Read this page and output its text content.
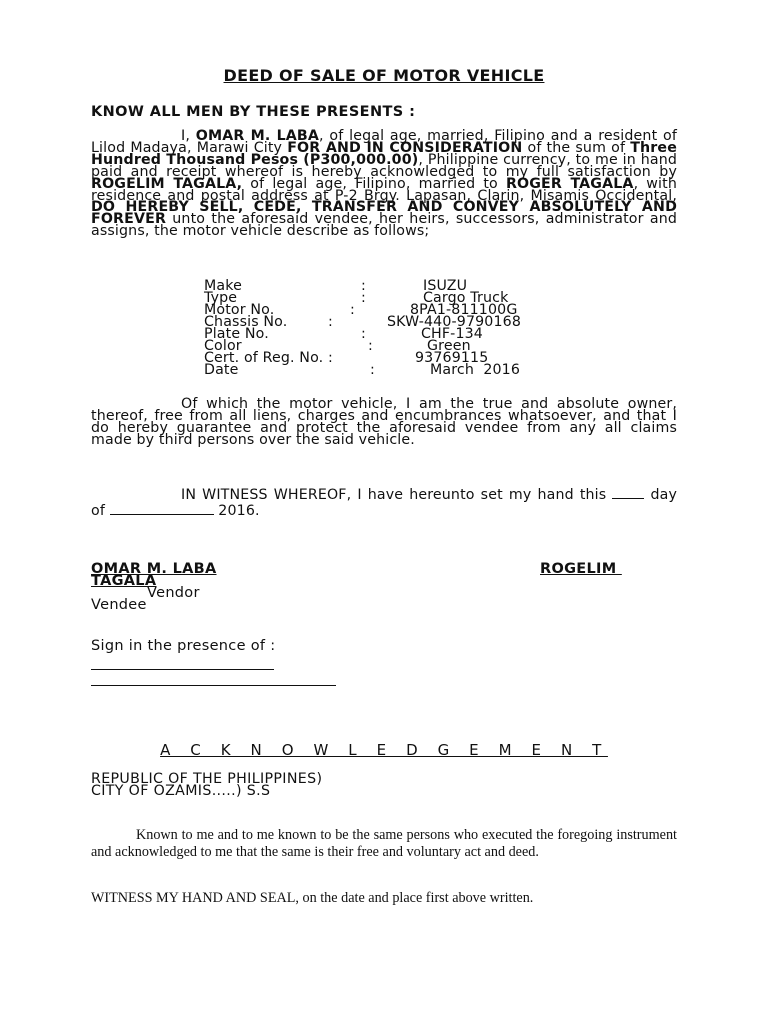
DEED OF SALE OF MOTOR VEHICLE
KNOW ALL MEN BY THESE PRESENTS :
I, OMAR M. LABA, of legal age, married, Filipino and a resident of Lilod Madaya, Marawi City FOR AND IN CONSIDERATION of the sum of Three Hundred Thousand Pesos (P300,000.00), Philippine currency, to me in hand paid and receipt whereof is hereby acknowledged to my full satisfaction by ROGELIM TAGALA, of legal age, Filipino, married to ROGER TAGALA, with residence and postal address at P-2 Brgy. Lapasan, Clarin, Misamis Occidental, DO HEREBY SELL, CEDE, TRANSFER AND CONVEY ABSOLUTELY AND FOREVER unto the aforesaid vendee, her heirs, successors, administrator and assigns, the motor vehicle describe as follows;
Make	:	ISUZU
Type	:	Cargo Truck
Motor No.	:	8PA1-811100G
Chassis No.	:	SKW-440-9790168
Plate No.	:	CHF-134
Color	:	Green
Cert. of Reg. No. :	93769115
Date	:	March  2016
Of which the motor vehicle, I am the true and absolute owner, thereof, free from all liens, charges and encumbrances whatsoever, and that I do hereby guarantee and protect the aforesaid vendee from any all claims made by third persons over the said vehicle.
IN WITNESS WHEREOF, I have hereunto set my hand this  day of	2016.
OMAR M. LABA	ROGELIM
TAGALA
Vendor
Vendee
Sign in the presence of :
A C K N O W L E D G E M E N T
REPUBLIC OF THE PHILIPPINES)
CITY OF OZAMIS.....) S.S
Known to me and to me known to be the same persons who executed the foregoing instrument and acknowledged to me that the same is their free and voluntary act and deed.
WITNESS MY HAND AND SEAL, on the date and place first above written.
